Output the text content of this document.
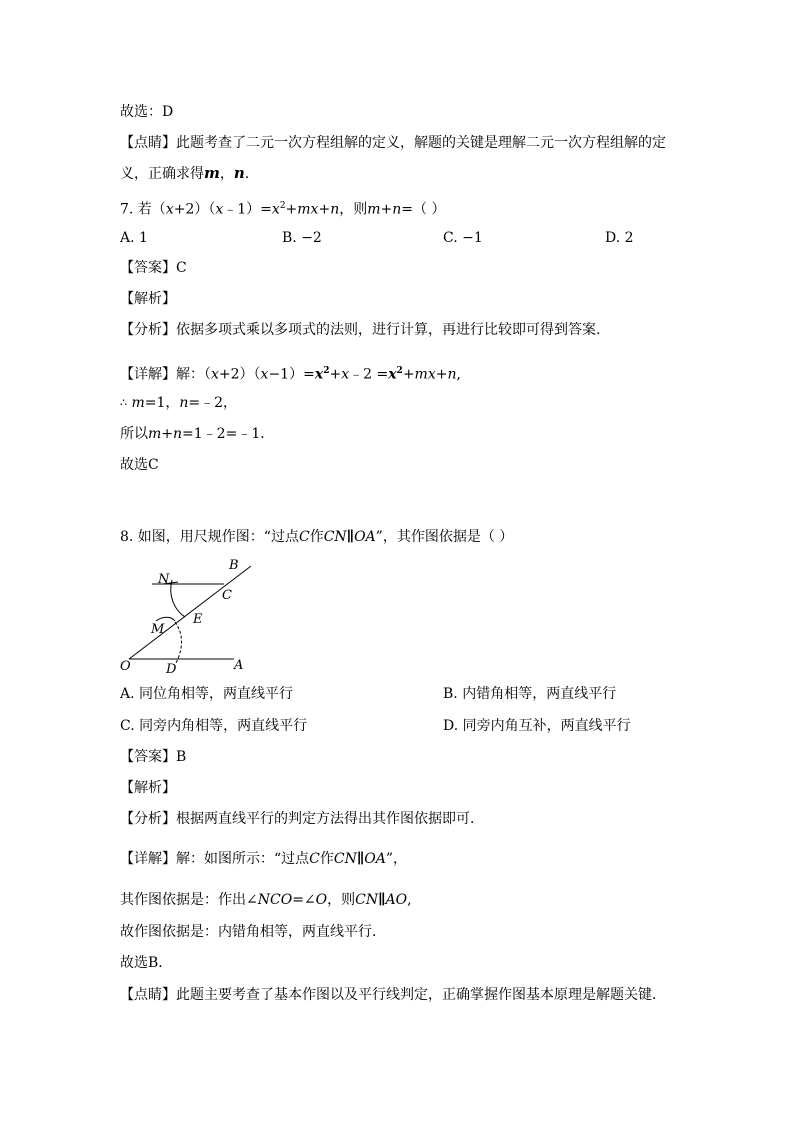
故选：D
【点睛】此题考查了二元一次方程组解的定义，解题的关键是理解二元一次方程组解的定
义，正确求得m，n.
7. 若$(x+2)(x﹣1)=x^2+mx+n$，则m+n=（ ）
A. 1	B. −2	C. −1	D. 2
【答案】C
【解析】
【分析】依据多项式乘以多项式的法则，进行计算，再进行比较即可得到答案.
【详解】解：$(x+2)(x-1)=x^2+x﹣2 =x^2+mx+n$,
∴ m=1，n=﹣2，
所以m+n=1﹣2=﹣1．
故选C
8. 如图，用尺规作图：“过点C作CN∥OA”，其作图依据是（ ）
N
B
C
E
M
O	D	A
A. 同位角相等，两直线平行	B. 内错角相等，两直线平行
C. 同旁内角相等，两直线平行	D. 同旁内角互补，两直线平行
【答案】B
【解析】
【分析】根据两直线平行的判定方法得出其作图依据即可．
【详解】解：如图所示：“过点C作CN∥OA”，
其作图依据是：作出∠NCO=∠O，则CN∥AO,
故作图依据是：内错角相等，两直线平行．
故选B．
【点睛】此题主要考查了基本作图以及平行线判定，正确掌握作图基本原理是解题关键．
